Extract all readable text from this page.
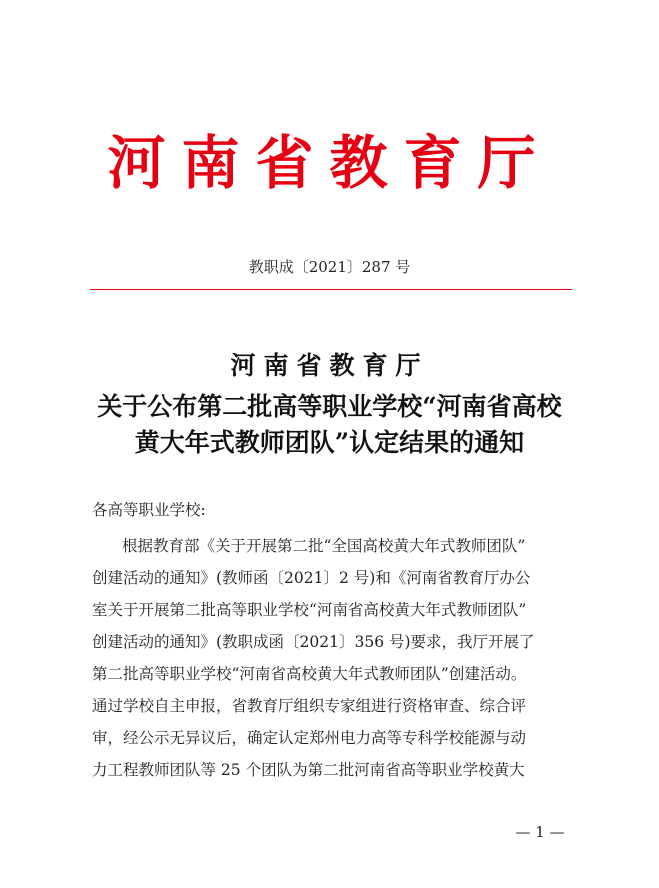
河南省教育厅
教职成〔2021〕287 号
河南省教育厅
关于公布第二批高等职业学校“河南省高校
黄大年式教师团队”认定结果的通知
各高等职业学校:
根据教育部《关于开展第二批“全国高校黄大年式教师团队”
创建活动的通知》(教师函〔2021〕2 号)和《河南省教育厅办公
室关于开展第二批高等职业学校“河南省高校黄大年式教师团队”
创建活动的通知》(教职成函〔2021〕356 号)要求，我厅开展了
第二批高等职业学校“河南省高校黄大年式教师团队”创建活动。
通过学校自主申报，省教育厅组织专家组进行资格审查、综合评
审，经公示无异议后，确定认定郑州电力高等专科学校能源与动
力工程教师团队等 25 个团队为第二批河南省高等职业学校黄大
— 1 —
